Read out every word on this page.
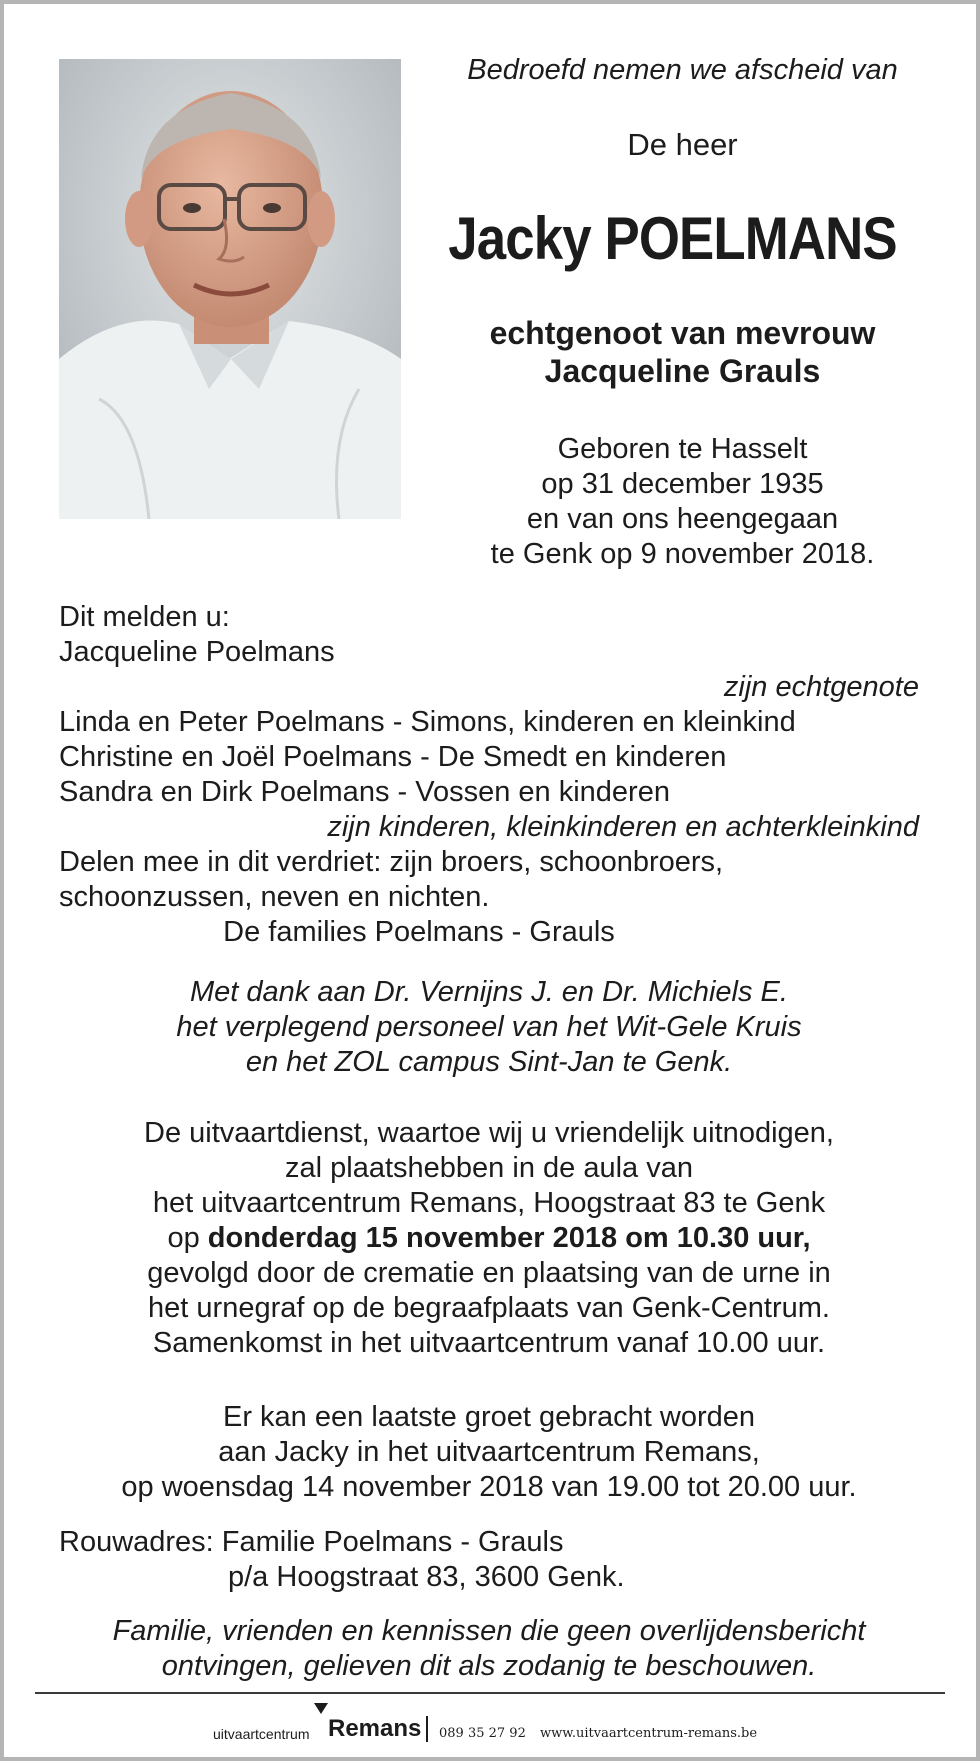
Bedroefd nemen we afscheid van
De heer
Jacky POELMANS
echtgenoot van mevrouw
Jacqueline Grauls
Geboren te Hasselt
op 31 december 1935
en van ons heengegaan
te Genk op 9 november 2018.
Dit melden u:
Jacqueline Poelmans
zijn echtgenote
Linda en Peter Poelmans - Simons, kinderen en kleinkind
Christine en Joël Poelmans - De Smedt en kinderen
Sandra en Dirk Poelmans - Vossen en kinderen
zijn kinderen, kleinkinderen en achterkleinkind
Delen mee in dit verdriet: zijn broers, schoonbroers,
schoonzussen, neven en nichten.
De families Poelmans - Grauls
Met dank aan Dr. Vernijns J. en Dr. Michiels E.
het verplegend personeel van het Wit-Gele Kruis
en het ZOL campus Sint-Jan te Genk.
De uitvaartdienst, waartoe wij u vriendelijk uitnodigen,
zal plaatshebben in de aula van
het uitvaartcentrum Remans, Hoogstraat 83 te Genk
op donderdag 15 november 2018 om 10.30 uur,
gevolgd door de crematie en plaatsing van de urne in
het urnegraf op de begraafplaats van Genk-Centrum.
Samenkomst in het uitvaartcentrum vanaf 10.00 uur.
Er kan een laatste groet gebracht worden
aan Jacky in het uitvaartcentrum Remans,
op woensdag 14 november 2018 van 19.00 tot 20.00 uur.
Rouwadres: Familie Poelmans - Grauls
p/a Hoogstraat 83, 3600 Genk.
Familie, vrienden en kennissen die geen overlijdensbericht
ontvingen, gelieven dit als zodanig te beschouwen.
uitvaartcentrum Remans 089 35 27 92 www.uitvaartcentrum-remans.be
